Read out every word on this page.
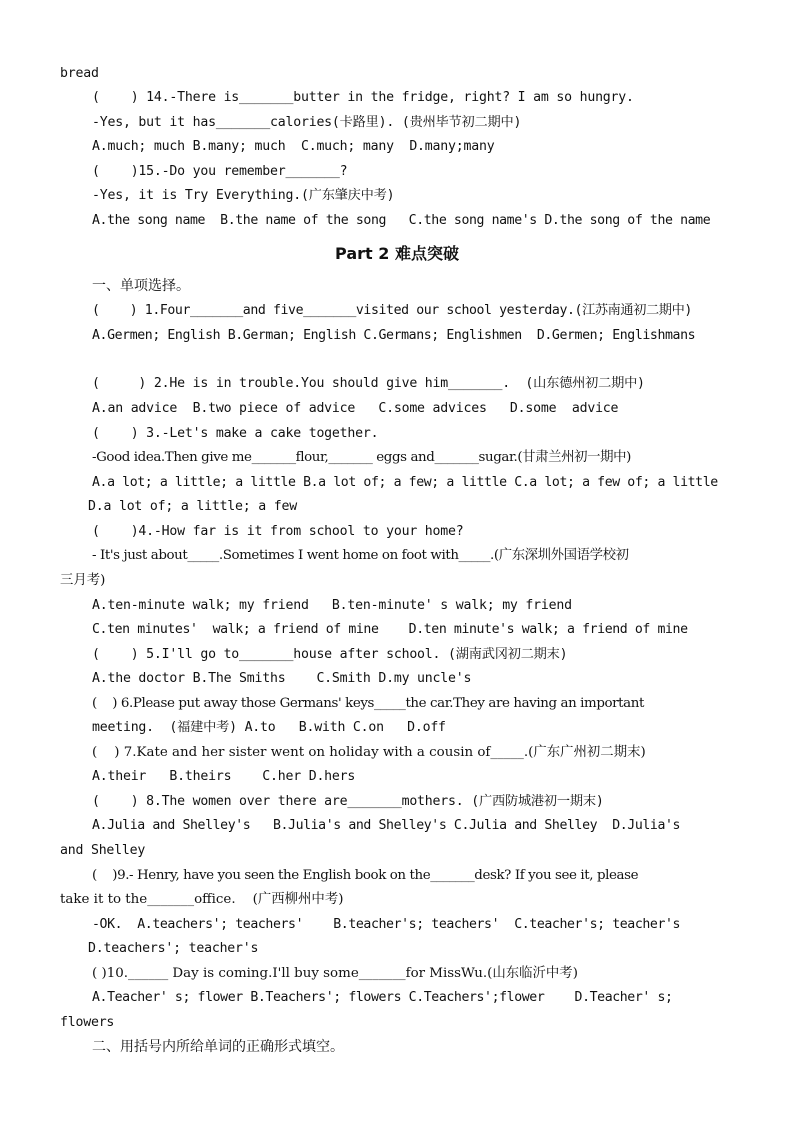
bread
(    ) 14.-There is_______butter in the fridge, right? I am so hungry.
-Yes, but it has_______calories(卡路里). (贵州毕节初二期中)
A.much; much B.many; much  C.much; many  D.many;many
(    )15.-Do you remember_______?
-Yes, it is Try Everything.(广东肇庆中考)
A.the song name  B.the name of the song   C.the song name's D.the song of the name
Part 2 难点突破
一、单项选择。
(    ) 1.Four_______and five_______visited our school yesterday.(江苏南通初二期中)
A.Germen; English B.German; English C.Germans; Englishmen  D.Germen; Englishmans
(     ) 2.He is in trouble.You should give him_______.  (山东德州初二期中)
A.an advice  B.two piece of advice   C.some advices   D.some  advice
(    ) 3.-Let's make a cake together.
-Good idea.Then give me_______flour,_______ eggs and_______sugar.(甘肃兰州初一期中)
A.a lot; a little; a little B.a lot of; a few; a little C.a lot; a few of; a little
D.a lot of; a little; a few
(    )4.-How far is it from school to your home?
- It's just about_____.Sometimes I went home on foot with_____.(广东深圳外国语学校初
三月考)
A.ten-minute walk; my friend   B.ten-minute' s walk; my friend
C.ten minutes'  walk; a friend of mine    D.ten minute's walk; a friend of mine
(    ) 5.I'll go to_______house after school. (湖南武冈初二期末)
A.the doctor B.The Smiths    C.Smith D.my uncle's
(    ) 6.Please put away those Germans' keys_____the car.They are having an important
meeting.  (福建中考) A.to   B.with C.on   D.off
(    ) 7.Kate and her sister went on holiday with a cousin of_____.(广东广州初二期末)
A.their   B.theirs    C.her D.hers
(    ) 8.The women over there are_______mothers. (广西防城港初一期末)
A.Julia and Shelley's   B.Julia's and Shelley's C.Julia and Shelley  D.Julia's
and Shelley
(    )9.- Henry, have you seen the English book on the_______desk? If you see it, please
take it to the_______office.    (广西柳州中考)
-OK.  A.teachers'; teachers'    B.teacher's; teachers'  C.teacher's; teacher's
D.teachers'; teacher's
( )10.______ Day is coming.I'll buy some_______for MissWu.(山东临沂中考)
A.Teacher' s; flower B.Teachers'; flowers C.Teachers';flower    D.Teacher' s;
flowers
二、用括号内所给单词的正确形式填空。
